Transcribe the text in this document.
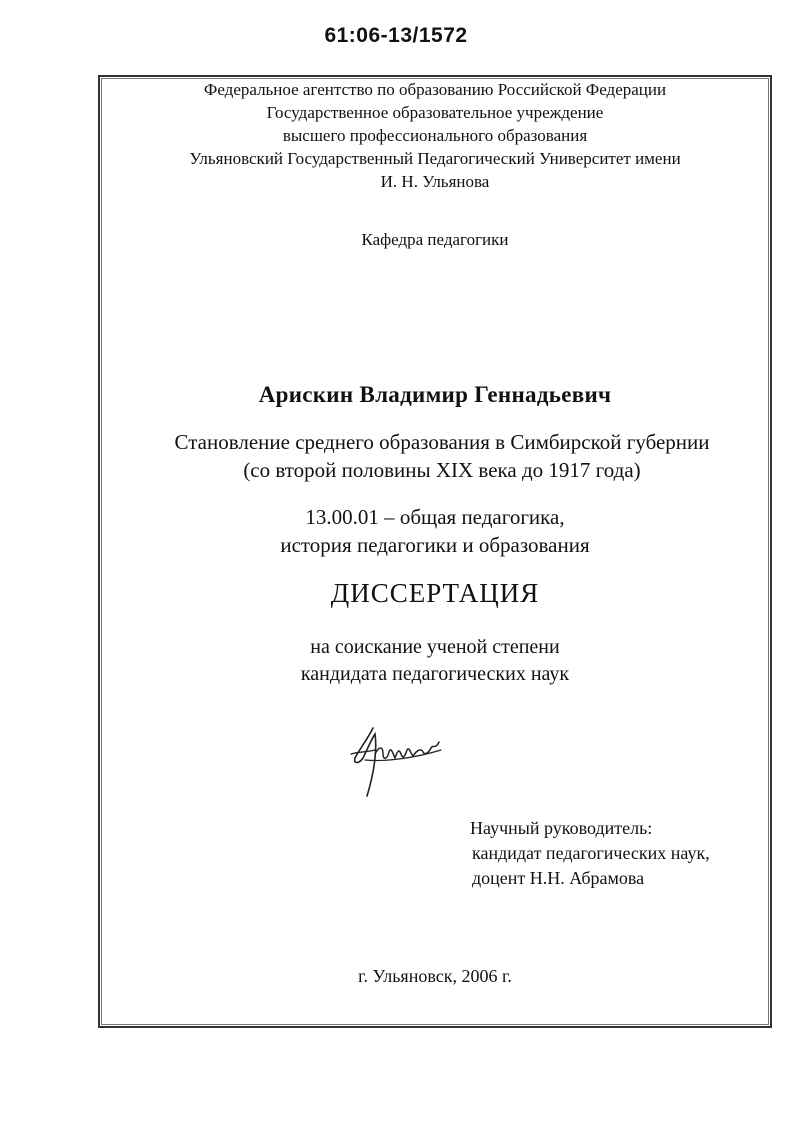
61:06-13/1572
Федеральное агентство по образованию Российской Федерации
Государственное образовательное учреждение
высшего профессионального образования
Ульяновский Государственный Педагогический Университет имени
И. Н. Ульянова
Кафедра педагогики
Арискин Владимир Геннадьевич
Становление среднего образования в Симбирской губернии
(со второй половины XIX века до 1917 года)
13.00.01 – общая педагогика,
история педагогики и образования
ДИССЕРТАЦИЯ
на соискание ученой степени
кандидата педагогических наук
Научный руководитель:
кандидат педагогических наук,
доцент Н.Н. Абрамова
г. Ульяновск, 2006 г.
